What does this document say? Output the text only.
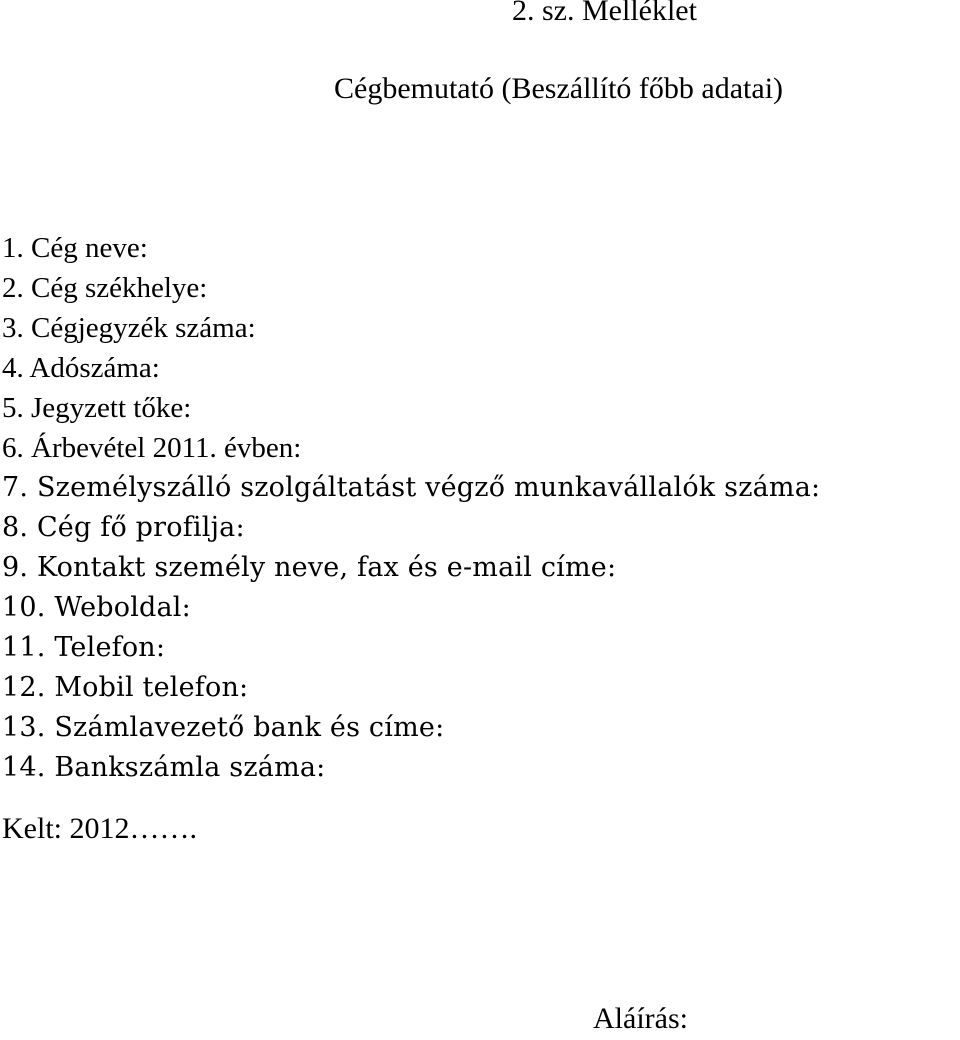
2. sz. Melléklet
Cégbemutató (Beszállító főbb adatai)
1. Cég neve:
2. Cég székhelye:
3. Cégjegyzék száma:
4. Adószáma:
5. Jegyzett tőke:
6. Árbevétel 2011. évben:
7. Személyszálló szolgáltatást végző munkavállalók száma:
8. Cég fő profilja:
9. Kontakt személy neve, fax és e-mail címe:
10. Weboldal:
11. Telefon:
12. Mobil telefon:
13. Számlavezető bank és címe:
14. Bankszámla száma:
Kelt: 2012…….
Aláírás:
